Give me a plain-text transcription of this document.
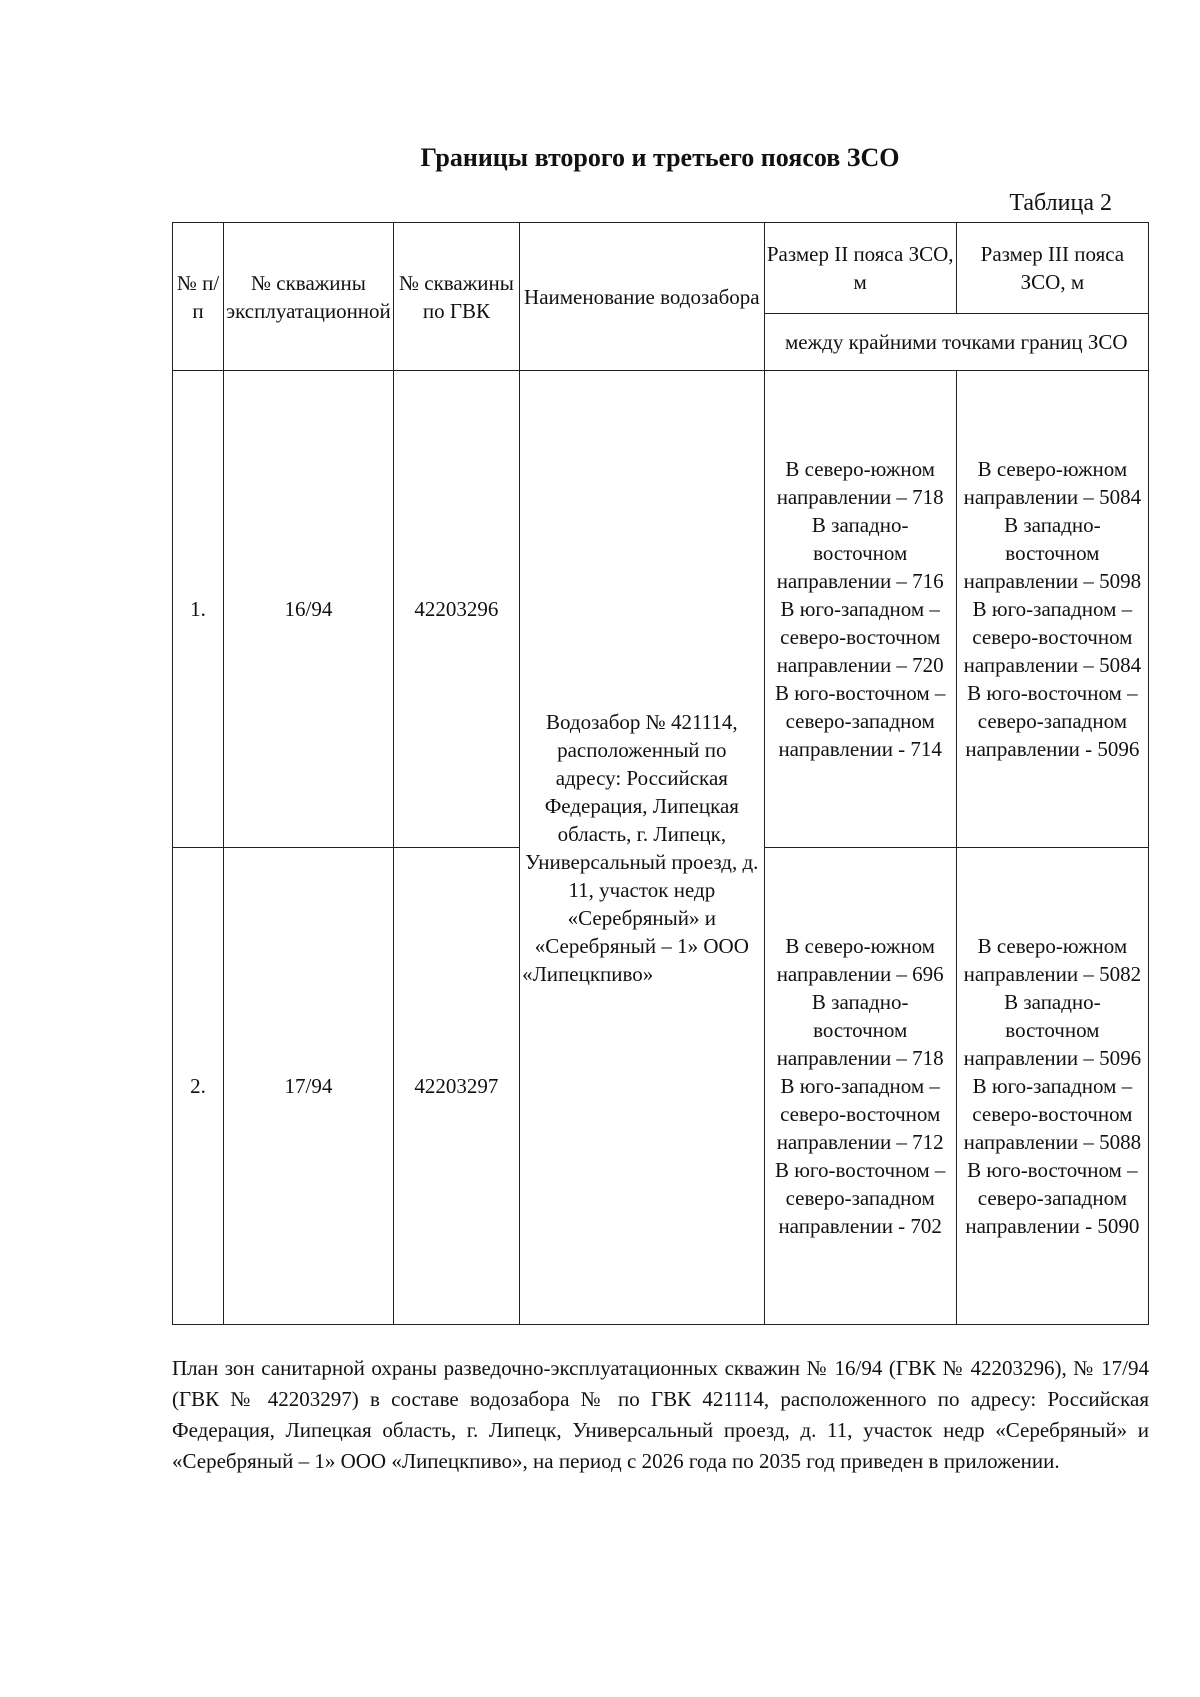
Границы второго и третьего поясов ЗСО
Таблица 2
№ п/п	№ скважины эксплуатационной	№ скважины по ГВК	Наименование водозабора	Размер II пояса ЗСО, м	Размер III пояса ЗСО, м
				между крайними точками границ ЗСО	
1.	16/94	42203296	Водозабор № 421114, расположенный по адресу: Российская Федерация, Липецкая область, г. Липецк, Универсальный проезд, д. 11, участок недр «Серебряный» и «Серебряный – 1» ООО «Липецкпиво»	В северо-южном направлении – 718
В западно-восточном направлении – 716
В юго-западном – северо-восточном направлении – 720
В юго-восточном – северо-западном направлении - 714	В северо-южном направлении – 5084
В западно-восточном направлении – 5098
В юго-западном – северо-восточном направлении – 5084
В юго-восточном – северо-западном направлении - 5096

2.	17/94	42203297		В северо-южном направлении – 696
В западно-восточном направлении – 718
В юго-западном – северо-восточном направлении – 712
В юго-восточном – северо-западном направлении - 702	В северо-южном направлении – 5082
В западно-восточном направлении – 5096
В юго-западном – северо-восточном направлении – 5088
В юго-восточном – северо-западном направлении - 5090

План зон санитарной охраны разведочно-эксплуатационных скважин № 16/94 (ГВК № 42203296), № 17/94 (ГВК № 42203297) в составе водозабора № по ГВК 421114, расположенного по адресу: Российская Федерация, Липецкая область, г. Липецк, Универсальный проезд, д. 11, участок недр «Серебряный» и «Серебряный – 1» ООО «Липецкпиво», на период с 2026 года по 2035 год приведен в приложении.
